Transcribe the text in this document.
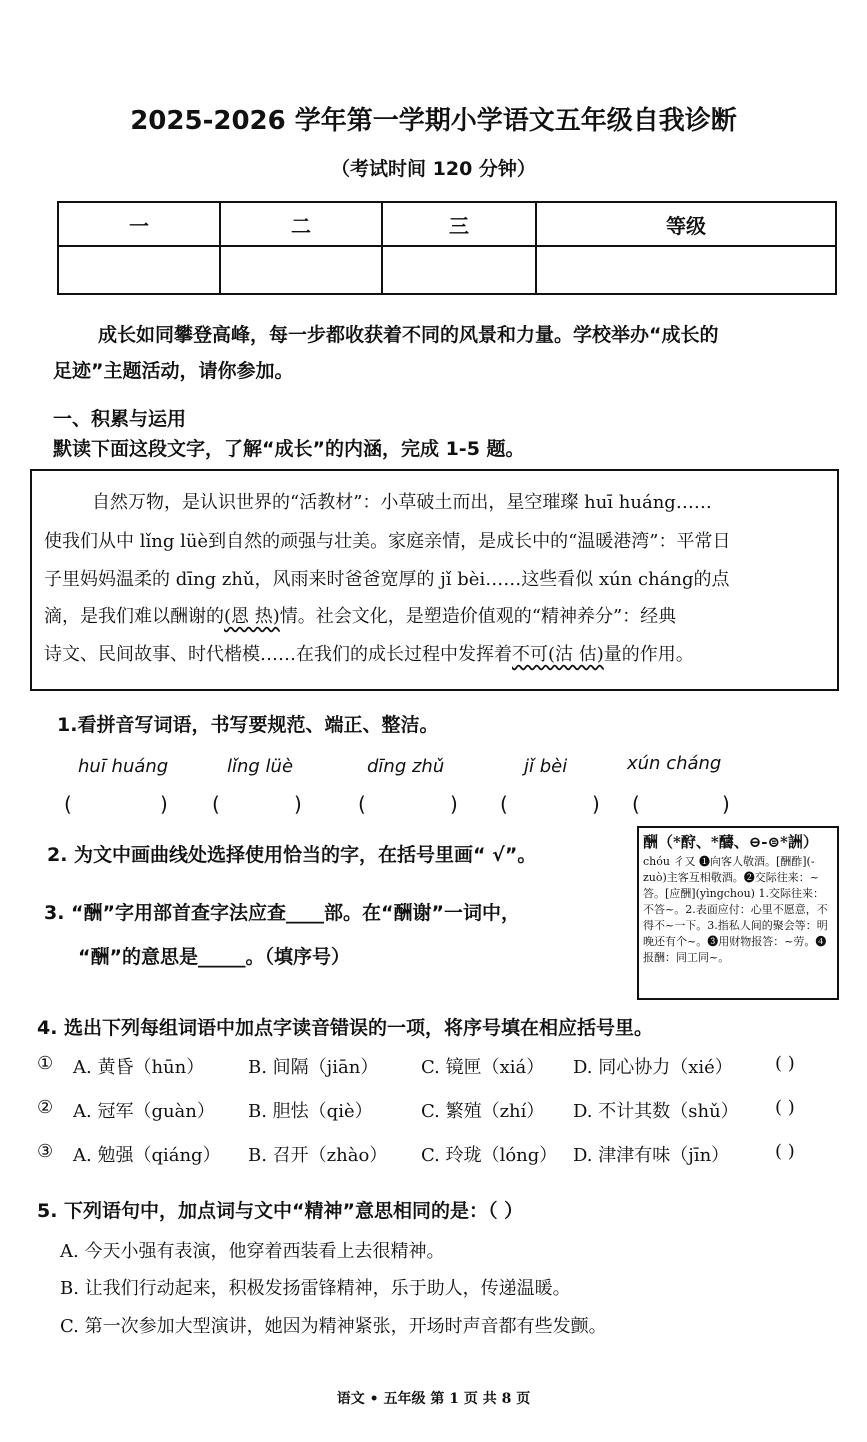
2025-2026 学年第一学期小学语文五年级自我诊断
（考试时间 120 分钟）
一	二	三	等级

成长如同攀登高峰，每一步都收获着不同的风景和力量。学校举办“成长的
足迹”主题活动，请你参加。
一、积累与运用
默读下面这段文字，了解“成长”的内涵，完成 1-5 题。
自然万物，是认识世界的“活教材”：小草破土而出，星空璀璨 huī huáng……
使我们从中 lǐng lüè到自然的顽强与壮美。家庭亲情，是成长中的“温暖港湾”：平常日
子里妈妈温柔的 dīng zhǔ，风雨来时爸爸宽厚的 jǐ bèi……这些看似 xún cháng的点
滴，是我们难以酬谢的(恩 热)情。社会文化，是塑造价值观的“精神养分”：经典
诗文、民间故事、时代楷模……在我们的成长过程中发挥着不可(沽 估)量的作用。
1.看拼音写词语，书写要规范、端正、整洁。
huī huáng	lǐng lüè	dīng zhǔ	jǐ bèi	xún cháng
(	) (	)	(	) (	) (	)
2. 为文中画曲线处选择使用恰当的字，在括号里画“ √”。
3. “酬”字用部首查字法应查____部。在“酬谢”一词中，
“酬”的意思是_____。（填序号）
酬（*酧、*醻、⊖-⊜*詶）
chóu 彳又 ❶向客人敬酒。[酬酢](-zuò)主客互相敬酒。❷交际往来：~答。[应酬](yìngchou) 1.交际往来：不答~。2.表面应付：心里不愿意，不得不~一下。3.指私人间的聚会等：明晚还有个~。❸用财物报答：~劳。❹报酬：同工同~。
4. 选出下列每组词语中加点字读音错误的一项，将序号填在相应括号里。
① A. 黄昏（hūn） B. 间隔（jiān） C. 镜匣（xiá） D. 同心协力（xié） ( )
② A. 冠军（guàn） B. 胆怯（qiè）	C. 繁殖（zhí） D. 不计其数（shǔ） ( )
③ A. 勉强（qiáng） B. 召开（zhào） C. 玲珑（lóng） D. 津津有味（jīn）	( )
5. 下列语句中，加点词与文中“精神”意思相同的是：（ ）
A. 今天小强有表演，他穿着西装看上去很精神。
B. 让我们行动起来，积极发扬雷锋精神，乐于助人，传递温暖。
C. 第一次参加大型演讲，她因为精神紧张，开场时声音都有些发颤。
语文 • 五年级 第 1 页 共 8 页
